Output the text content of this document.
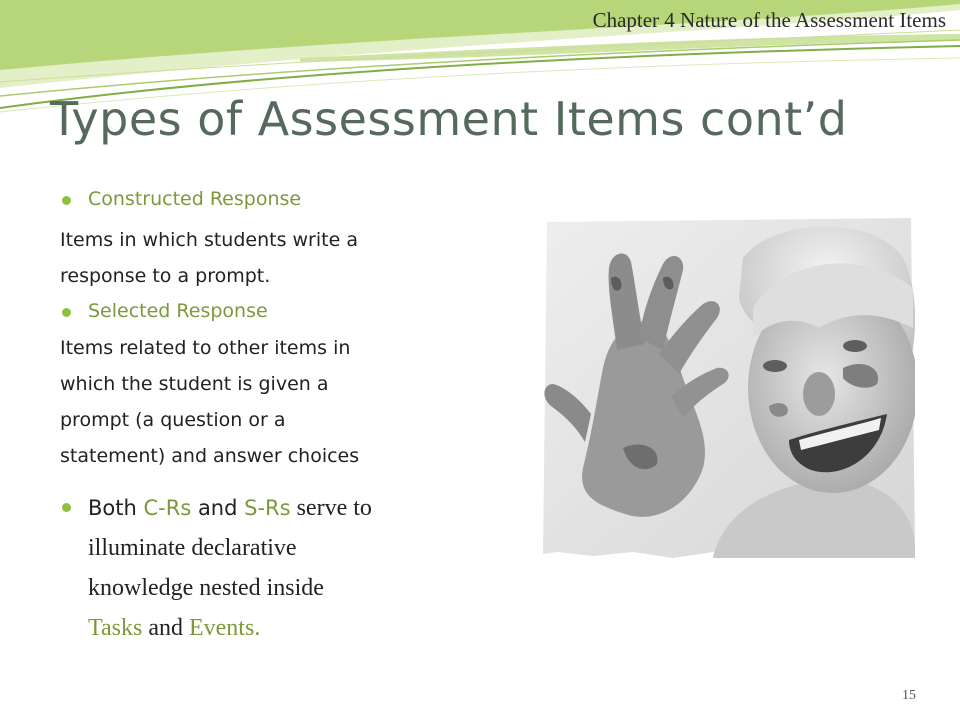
Chapter 4 Nature of the Assessment Items
Types of Assessment Items cont’d
Constructed Response
Items in which students write a
response to a prompt.
Selected Response
Items related to other items in
which the student is given a
prompt (a question or a
statement) and answer choices
Both C-Rs and S-Rs serve to
illuminate declarative
knowledge nested inside
Tasks and Events.
15
